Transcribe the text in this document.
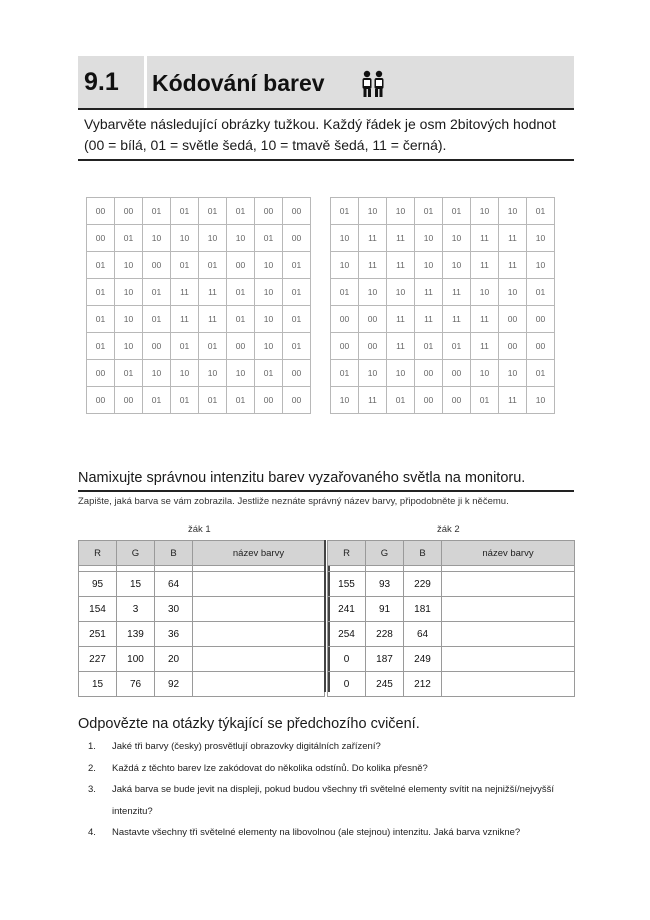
9.1 Kódování barev
Vybarvěte následující obrázky tužkou. Každý řádek je osm 2bitových hodnot (00 = bílá, 01 = světle šedá, 10 = tmavě šedá, 11 = černá).
00	00	01	01	01	01	00	00
00	01	10	10	10	10	01	00
01	10	00	01	01	00	10	01
01	10	01	11	11	01	10	01
01	10	01	11	11	01	10	01
01	10	00	01	01	00	10	01
00	01	10	10	10	10	01	00
00	00	01	01	01	01	00	00
01	10	10	01	01	10	10	01
10	11	11	10	10	11	11	10
10	11	11	10	10	11	11	10
01	10	10	11	11	10	10	01
00	00	11	11	11	11	00	00
00	00	11	01	01	11	00	00
01	10	10	00	00	10	10	01
10	11	01	00	00	01	11	10
Namixujte správnou intenzitu barev vyzařovaného světla na monitoru.
Zapište, jaká barva se vám zobrazila. Jestliže neznáte správný název barvy, připodobněte ji k něčemu.
žák 1	žák 2
R	G	B	název barvy

95	15	64	
154	3	30	
251	139	36	
227	100	20	
15	76	92	
R	G	B	název barvy

155	93	229	
241	91	181	
254	228	64	
0	187	249	
0	245	212	
Odpovězte na otázky týkající se předchozího cvičení.
1. Jaké tři barvy (česky) prosvětlují obrazovky digitálních zařízení?
2. Každá z těchto barev lze zakódovat do několika odstínů. Do kolika přesně?
3. Jaká barva se bude jevit na displeji, pokud budou všechny tři světelné elementy svítit na nejnižší/nejvyšší intenzitu?
4. Nastavte všechny tři světelné elementy na libovolnou (ale stejnou) intenzitu. Jaká barva vznikne?
